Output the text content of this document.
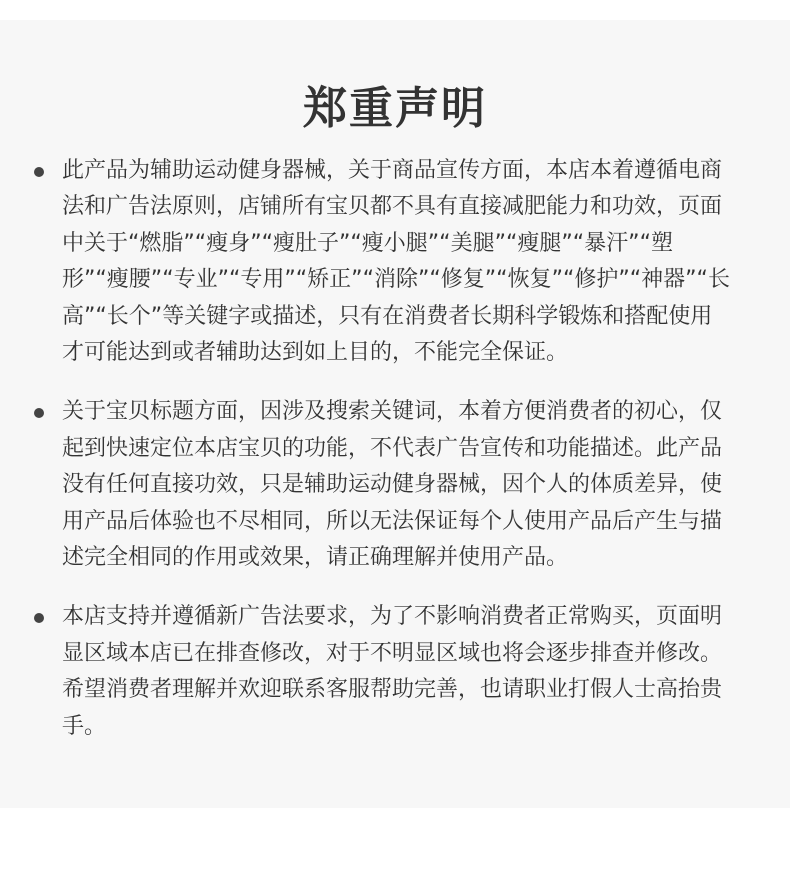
郑重声明
此产品为辅助运动健身器械，关于商品宣传方面，本店本着遵循电商法和广告法原则，店铺所有宝贝都不具有直接减肥能力和功效，页面中关于“燃脂”“瘦身”“瘦肚子”“瘦小腿”“美腿”“瘦腿”“暴汗”“塑形”“瘦腰”“专业”“专用”“矫正”“消除”“修复”“恢复”“修护”“神器”“长高”“长个”等关键字或描述，只有在消费者长期科学锻炼和搭配使用才可能达到或者辅助达到如上目的，不能完全保证。
关于宝贝标题方面，因涉及搜索关键词，本着方便消费者的初心，仅起到快速定位本店宝贝的功能，不代表广告宣传和功能描述。此产品没有任何直接功效，只是辅助运动健身器械，因个人的体质差异，使用产品后体验也不尽相同，所以无法保证每个人使用产品后产生与描述完全相同的作用或效果，请正确理解并使用产品。
本店支持并遵循新广告法要求，为了不影响消费者正常购买，页面明显区域本店已在排查修改，对于不明显区域也将会逐步排查并修改。希望消费者理解并欢迎联系客服帮助完善，也请职业打假人士高抬贵手。
